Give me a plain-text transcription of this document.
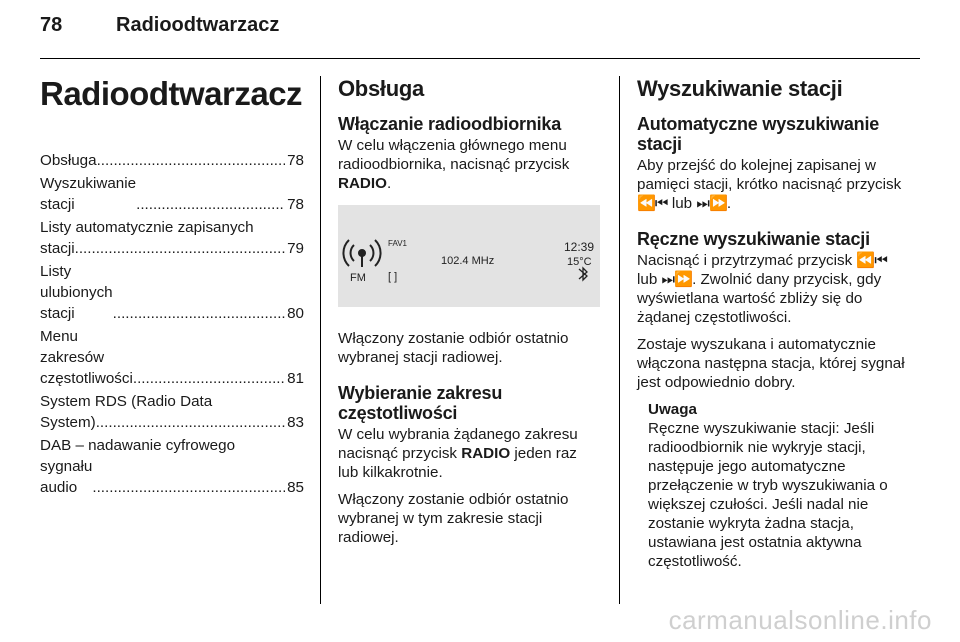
78	Radioodtwarzacz
Radioodtwarzacz
Obsługa .....	78
Wyszukiwanie stacji .....	78
Listy automatycznie zapisanych
stacji .....	79
Listy ulubionych stacji .....	80
Menu zakresów częstotliwości .....	81
System RDS (Radio Data
System) .....	83
DAB – nadawanie cyfrowego
sygnału audio .....	85
Obsługa
Włączanie radioodbiornika

W celu włączenia głównego menu radioodbiornika, nacisnąć przycisk RADIO.

FAV1
102.4 MHz
12:39
15°C
FM [ ]

Włączony zostanie odbiór ostatnio wybranej stacji radiowej.

Wybieranie zakresu częstotliwości

W celu wybrania żądanego zakresu nacisnąć przycisk RADIO jeden raz lub kilkakrotnie.

Włączony zostanie odbiór ostatnio wybranej w tym zakresie stacji radiowej.

Wyszukiwanie stacji
Automatyczne wyszukiwanie stacji

Aby przejść do kolejnej zapisanej w pamięci stacji, krótko nacisnąć przycisk ⏪⏮ lub ⏭⏩.

Ręczne wyszukiwanie stacji

Nacisnąć i przytrzymać przycisk ⏪⏮ lub ⏭⏩. Zwolnić dany przycisk, gdy wyświetlana wartość zbliży się do żądanej częstotliwości.

Zostaje wyszukana i automatycznie włączona następna stacja, której sygnał jest odpowiednio dobry.

Uwaga

Ręczne wyszukiwanie stacji: Jeśli radioodbiornik nie wykryje stacji, następuje jego automatyczne przełączenie w tryb wyszukiwania o większej czułości. Jeśli nadal nie zostanie wykryta żadna stacja, ustawiana jest ostatnia aktywna częstotliwość.

carmanualsonline.info
